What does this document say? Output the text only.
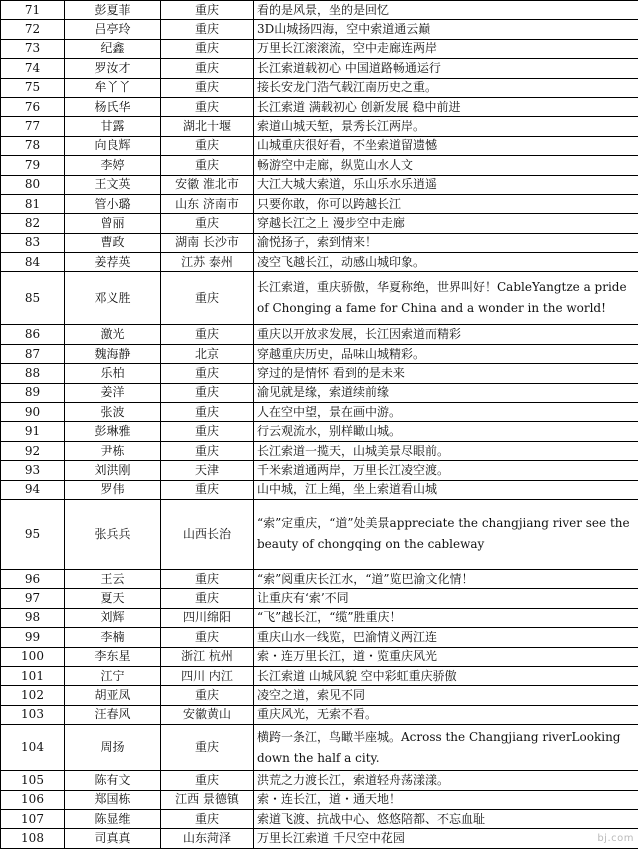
71	彭夏菲	重庆	看的是风景，坐的是回忆
72	吕亭玲	重庆	3D山城扬四海，空中索道通云巅
73	纪鑫	重庆	万里长江滚滚流，空中走廊连两岸
74	罗汝才	重庆	长江索道载初心 中国道路畅通运行
75	牟丫丫	重庆	接长安龙门浩气载江南历史之重。
76	杨氏华	重庆	长江索道 满载初心 创新发展 稳中前进
77	甘露	湖北十堰	索道山城天堑，景秀长江两岸。
78	向良辉	重庆	山城重庆很好看，不坐索道留遗憾
79	李婷	重庆	畅游空中走廊，纵览山水人文
80	王文英	安徽 淮北市	大江大城大索道，乐山乐水乐逍遥
81	管小璐	山东 济南市	只要你敢，你可以跨越长江
82	曾丽	重庆	穿越长江之上 漫步空中走廊
83	曹政	湖南 长沙市	渝悦扬子，索到情来！
84	姜荐英	江苏 泰州	凌空飞越长江，动感山城印象。
85	邓义胜	重庆	长江索道，重庆骄傲，华夏称绝，世界叫好！CableYangtze a pride of Chonging a fame for China and a wonder in the world!
86	激光	重庆	重庆以开放求发展，长江因索道而精彩
87	魏海静	北京	穿越重庆历史，品味山城精彩。
88	乐柏	重庆	穿过的是情怀 看到的是未来
89	姜洋	重庆	渝见就是缘，索道续前缘
90	张波	重庆	人在空中望，景在画中游。
91	彭琳雅	重庆	行云观流水，别样瞰山城。
92	尹栋	重庆	长江索道一揽天，山城美景尽眼前。
93	刘洪刚	天津	千米索道通两岸，万里长江凌空渡。
94	罗伟	重庆	山中城，江上绳，坐上索道看山城
95	张兵兵	山西长治	“索”定重庆，“道”处美景appreciate the changjiang river see the beauty of chongqing on the cableway
96	王云	重庆	“索”阅重庆长江水，“道”览巴渝文化情！
97	夏天	重庆	让重庆有‘索’不同
98	刘辉	四川绵阳	“飞”越长江，“缆”胜重庆！
99	李楠	重庆	重庆山水一线览，巴渝情义两江连
100	李东星	浙江 杭州	索・连万里长江，道・览重庆风光
101	江宁	四川 内江	长江索道 山城风貌 空中彩虹重庆骄傲
102	胡亚凤	重庆	凌空之道，索见不同
103	汪春风	安徽黄山	重庆风光，无索不看。
104	周扬	重庆	横跨一条江，鸟瞰半座城。Across the Changjiang riverLooking down the half a city.
105	陈有文	重庆	洪荒之力渡长江，索道轻舟荡漾漾。
106	郑国栋	江西 景德镇	索・连长江，道・通天地！
107	陈显维	重庆	索道飞渡、抗战中心、悠悠陪都、不忘血耻
108	司真真	山东菏泽	万里长江索道 千尺空中花园	bj.com
